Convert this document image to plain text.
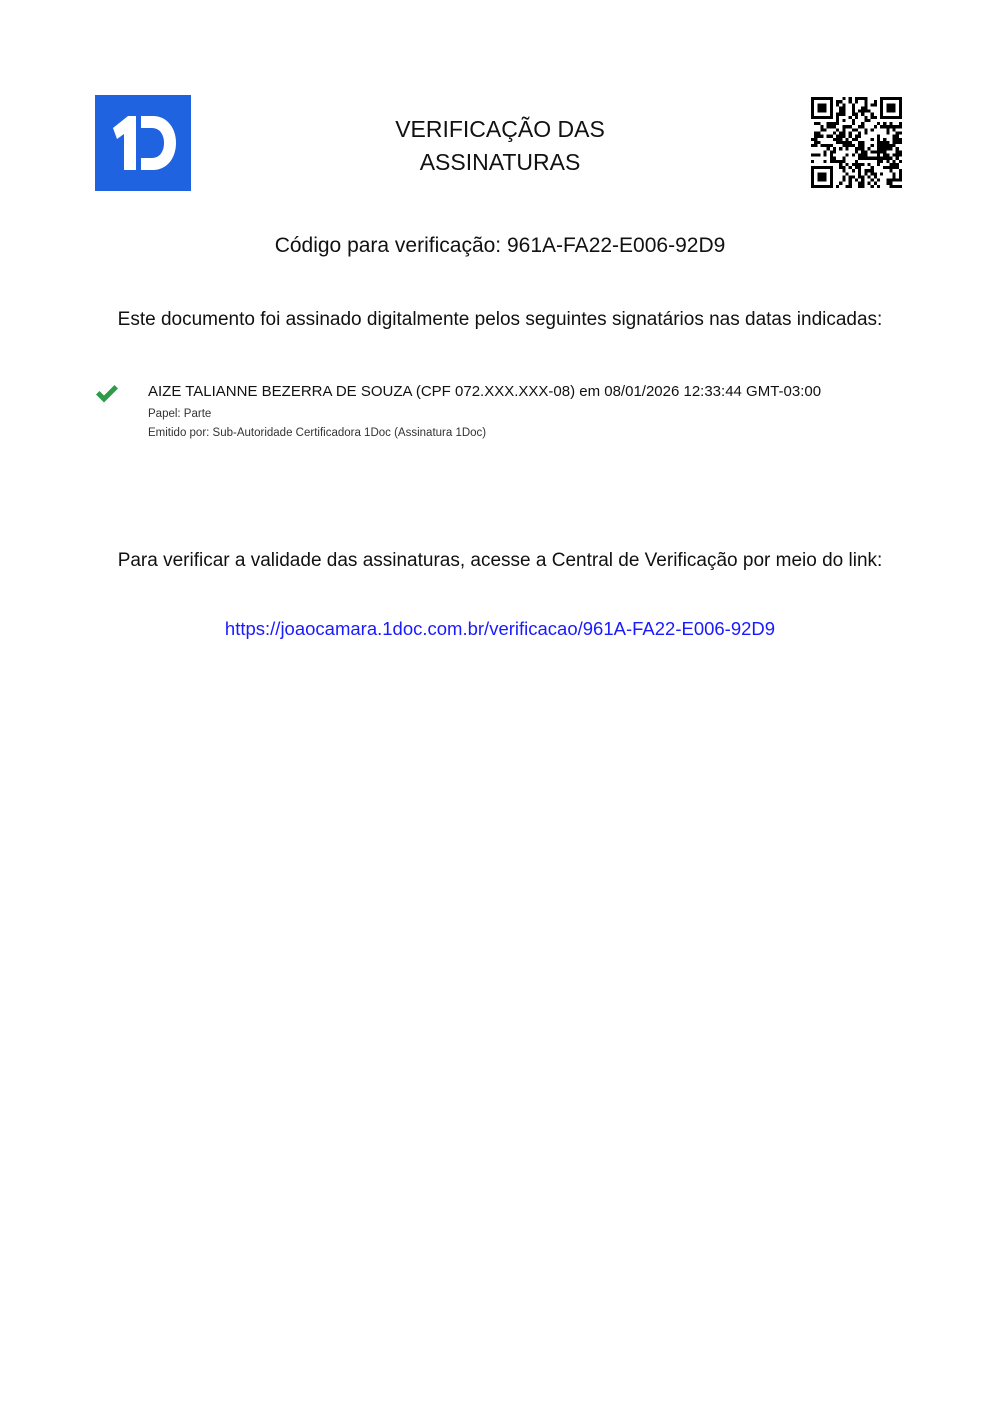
VERIFICAÇÃO DAS
ASSINATURAS
Código para verificação: 961A-FA22-E006-92D9
Este documento foi assinado digitalmente pelos seguintes signatários nas datas indicadas:
AIZE TALIANNE BEZERRA DE SOUZA (CPF 072.XXX.XXX-08) em 08/01/2026 12:33:44 GMT-03:00
Papel: Parte
Emitido por: Sub-Autoridade Certificadora 1Doc (Assinatura 1Doc)
Para verificar a validade das assinaturas, acesse a Central de Verificação por meio do link:
https://joaocamara.1doc.com.br/verificacao/961A-FA22-E006-92D9
